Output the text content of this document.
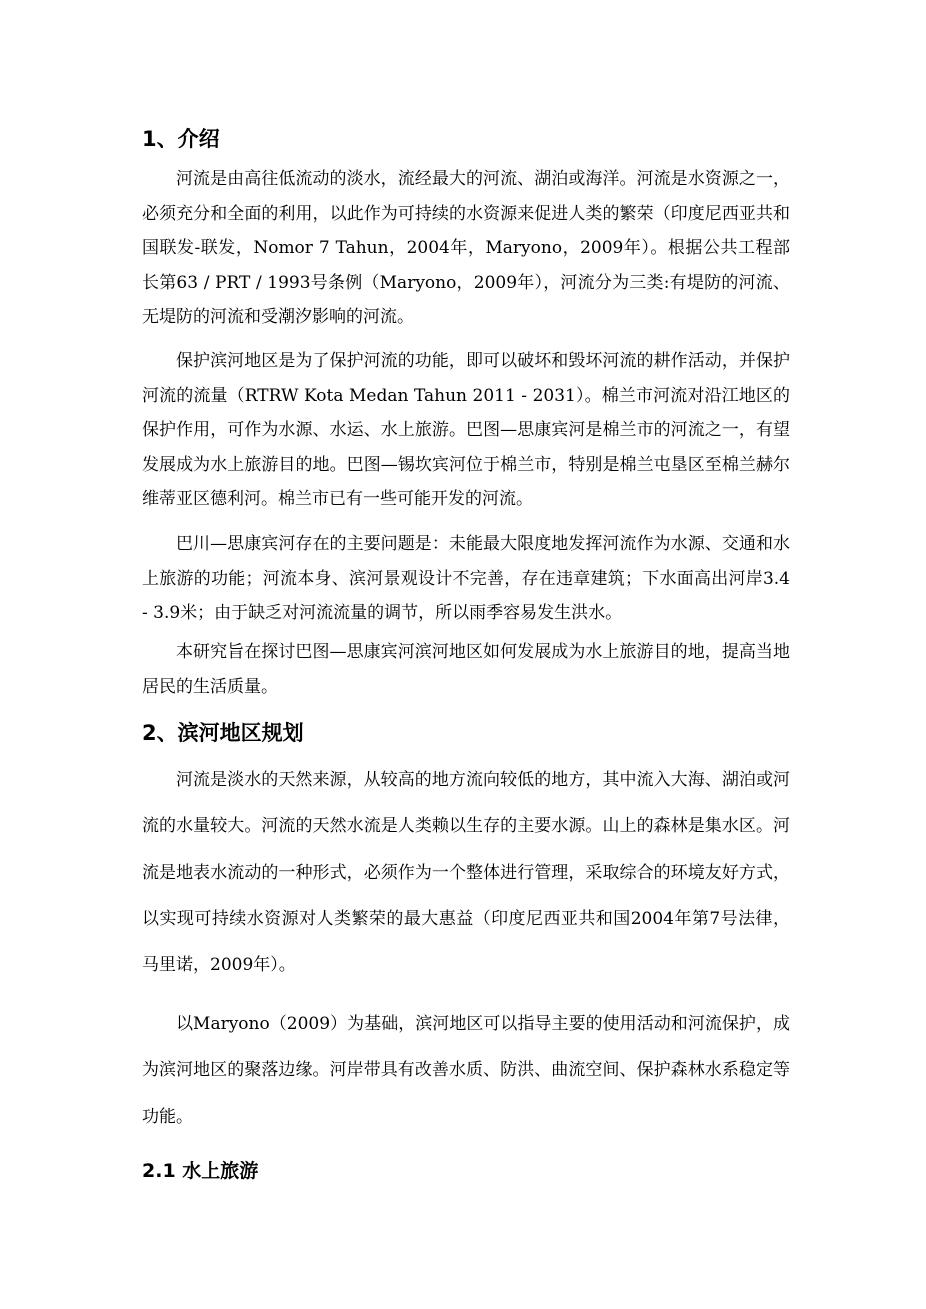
1、介绍

河流是由高往低流动的淡水，流经最大的河流、湖泊或海洋。河流是水资源之一，必须充分和全面的利用，以此作为可持续的水资源来促进人类的繁荣（印度尼西亚共和国联发-联发，Nomor 7 Tahun，2004年，Maryono，2009年）。根据公共工程部长第63 / PRT / 1993号条例（Maryono，2009年），河流分为三类:有堤防的河流、无堤防的河流和受潮汐影响的河流。

保护滨河地区是为了保护河流的功能，即可以破坏和毁坏河流的耕作活动，并保护河流的流量（RTRW Kota Medan Tahun 2011 - 2031）。棉兰市河流对沿江地区的保护作用，可作为水源、水运、水上旅游。巴图—思康宾河是棉兰市的河流之一，有望发展成为水上旅游目的地。巴图—锡坎宾河位于棉兰市，特别是棉兰屯垦区至棉兰赫尔维蒂亚区德利河。棉兰市已有一些可能开发的河流。

巴川—思康宾河存在的主要问题是：未能最大限度地发挥河流作为水源、交通和水上旅游的功能；河流本身、滨河景观设计不完善，存在违章建筑；下水面高出河岸3.4 - 3.9米；由于缺乏对河流流量的调节，所以雨季容易发生洪水。

本研究旨在探讨巴图—思康宾河滨河地区如何发展成为水上旅游目的地，提高当地居民的生活质量。

2、滨河地区规划

河流是淡水的天然来源，从较高的地方流向较低的地方，其中流入大海、湖泊或河流的水量较大。河流的天然水流是人类赖以生存的主要水源。山上的森林是集水区。河流是地表水流动的一种形式，必须作为一个整体进行管理，采取综合的环境友好方式，以实现可持续水资源对人类繁荣的最大惠益（印度尼西亚共和国2004年第7号法律，马里诺，2009年）。

以Maryono（2009）为基础，滨河地区可以指导主要的使用活动和河流保护，成为滨河地区的聚落边缘。河岸带具有改善水质、防洪、曲流空间、保护森林水系稳定等功能。

2.1 水上旅游
